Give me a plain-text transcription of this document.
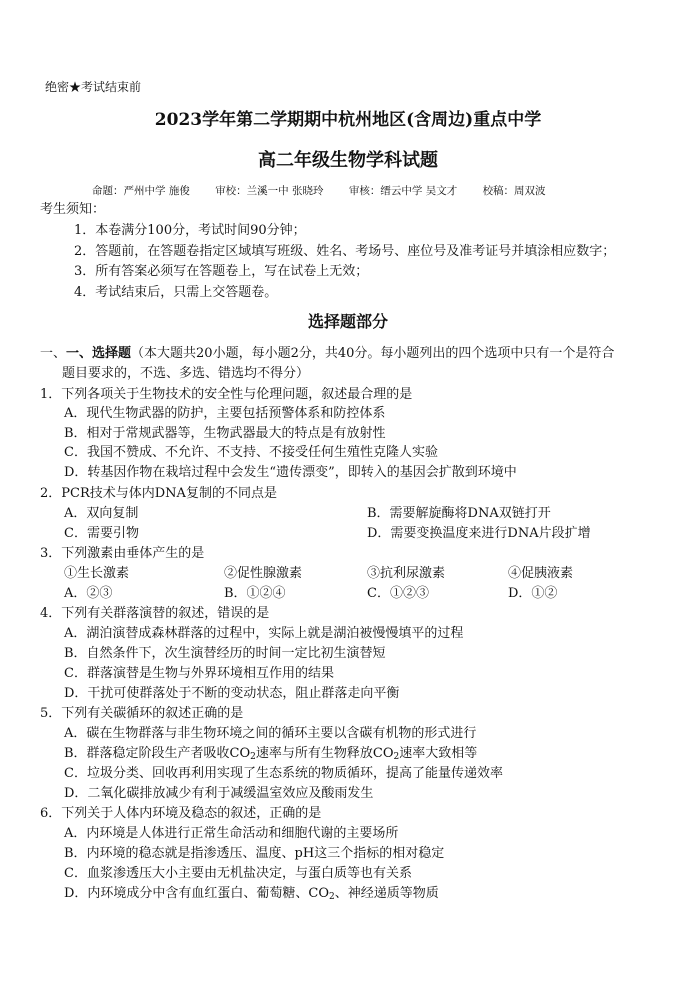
绝密★考试结束前
2023学年第二学期期中杭州地区(含周边)重点中学
高二年级生物学科试题
命题：严州中学 施俊 审校：兰溪一中 张晓玲 审核：缙云中学 吴文才 校稿：周双波
考生须知：
1．本卷满分100分，考试时间90分钟；
2．答题前，在答题卷指定区域填写班级、姓名、考场号、座位号及准考证号并填涂相应数字；
3．所有答案必须写在答题卷上，写在试卷上无效；
4．考试结束后，只需上交答题卷。
选择题部分
一、一、选择题（本大题共20小题，每小题2分，共40分。每小题列出的四个选项中只有一个是符合
题目要求的，不选、多选、错选均不得分）
1．下列各项关于生物技术的安全性与伦理问题，叙述最合理的是
A．现代生物武器的防护，主要包括预警体系和防控体系
B．相对于常规武器等，生物武器最大的特点是有放射性
C．我国不赞成、不允许、不支持、不接受任何生殖性克隆人实验
D．转基因作物在栽培过程中会发生“遗传漂变”，即转入的基因会扩散到环境中
2．PCR技术与体内DNA复制的不同点是
A．双向复制	B．需要解旋酶将DNA双链打开
C．需要引物	D．需要变换温度来进行DNA片段扩增
3．下列激素由垂体产生的是
①生长激素	②促性腺激素	③抗利尿激素	④促胰液素
A．②③	B．①②④	C．①②③	D．①②
4．下列有关群落演替的叙述，错误的是
A．湖泊演替成森林群落的过程中，实际上就是湖泊被慢慢填平的过程
B．自然条件下，次生演替经历的时间一定比初生演替短
C．群落演替是生物与外界环境相互作用的结果
D．干扰可使群落处于不断的变动状态，阻止群落走向平衡
5．下列有关碳循环的叙述正确的是
A．碳在生物群落与非生物环境之间的循环主要以含碳有机物的形式进行
B．群落稳定阶段生产者吸收$CO_2$速率与所有生物释放$CO_2$速率大致相等
C．垃圾分类、回收再利用实现了生态系统的物质循环，提高了能量传递效率
D．二氧化碳排放减少有利于减缓温室效应及酸雨发生
6．下列关于人体内环境及稳态的叙述，正确的是
A．内环境是人体进行正常生命活动和细胞代谢的主要场所
B．内环境的稳态就是指渗透压、温度、pH这三个指标的相对稳定
C．血浆渗透压大小主要由无机盐决定，与蛋白质等也有关系
D．内环境成分中含有血红蛋白、葡萄糖、$CO_2$、神经递质等物质
